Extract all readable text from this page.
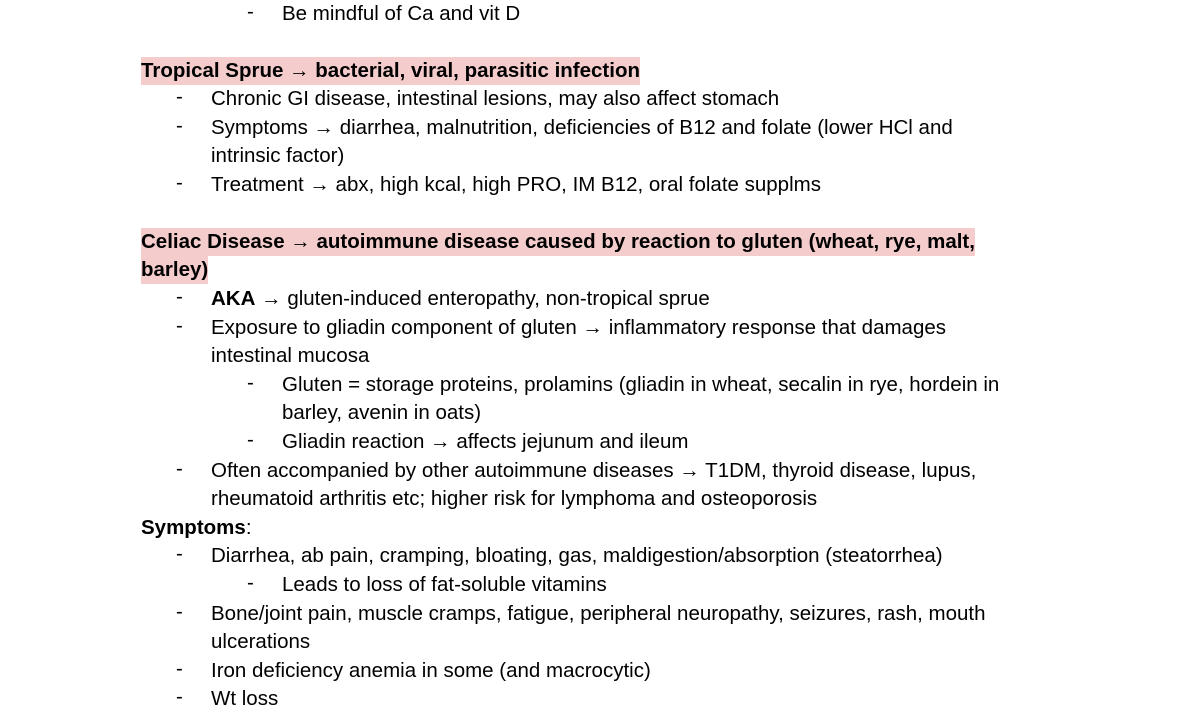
-	Be mindful of Ca and vit D
Tropical Sprue → bacterial, viral, parasitic infection
-	Chronic GI disease, intestinal lesions, may also affect stomach
-	Symptoms → diarrhea, malnutrition, deficiencies of B12 and folate (lower HCl and
intrinsic factor)
-	Treatment → abx, high kcal, high PRO, IM B12, oral folate supplms
Celiac Disease → autoimmune disease caused by reaction to gluten (wheat, rye, malt,
barley)
-	AKA → gluten-induced enteropathy, non-tropical sprue
-	Exposure to gliadin component of gluten → inflammatory response that damages
intestinal mucosa
-	Gluten = storage proteins, prolamins (gliadin in wheat, secalin in rye, hordein in
barley, avenin in oats)
-	Gliadin reaction → affects jejunum and ileum
-	Often accompanied by other autoimmune diseases → T1DM, thyroid disease, lupus,
rheumatoid arthritis etc; higher risk for lymphoma and osteoporosis
Symptoms:
-	Diarrhea, ab pain, cramping, bloating, gas, maldigestion/absorption (steatorrhea)
-	Leads to loss of fat-soluble vitamins
-	Bone/joint pain, muscle cramps, fatigue, peripheral neuropathy, seizures, rash, mouth
ulcerations
-	Iron deficiency anemia in some (and macrocytic)
-	Wt loss
